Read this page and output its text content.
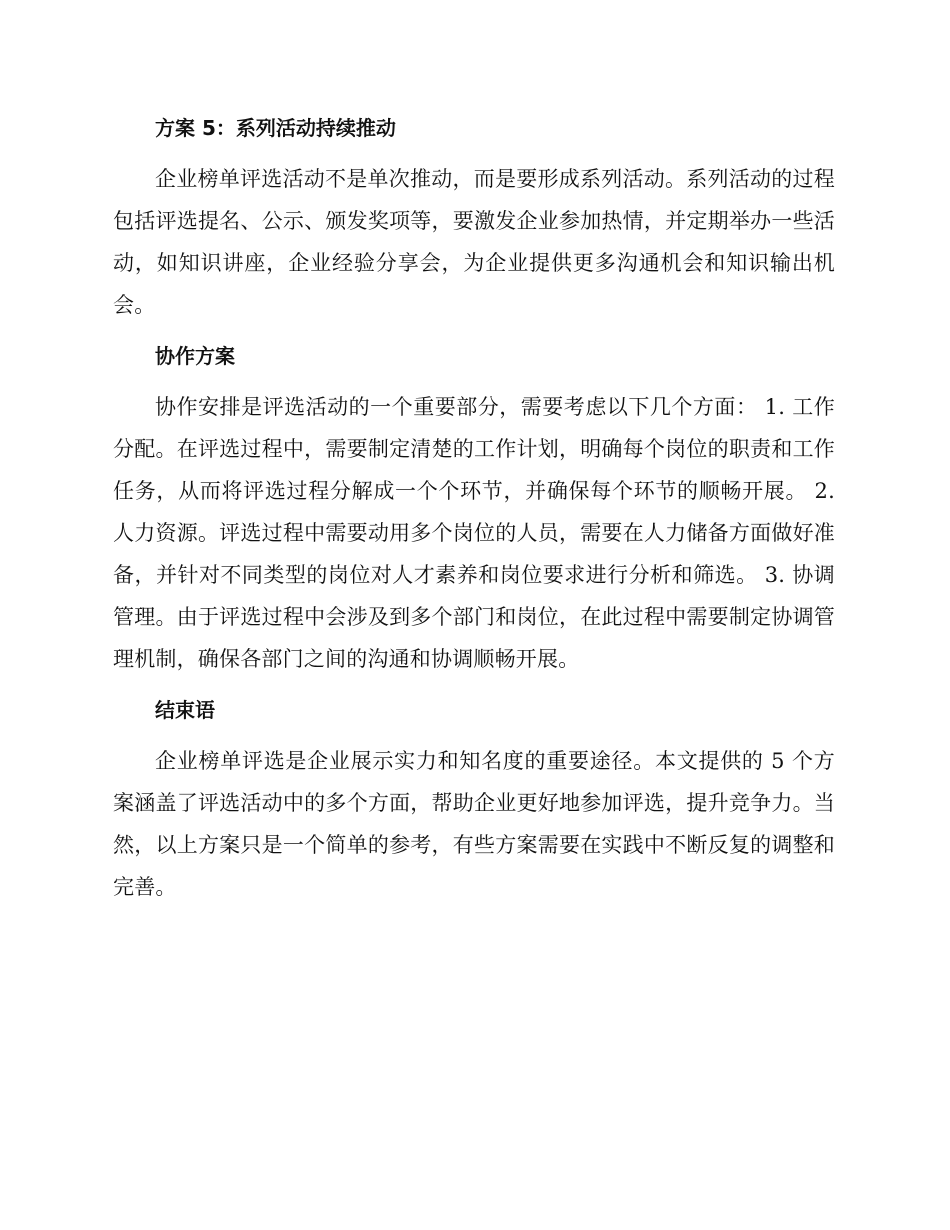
方案 5：系列活动持续推动

企业榜单评选活动不是单次推动，而是要形成系列活动。系列活动的过程包括评选提名、公示、颁发奖项等，要激发企业参加热情，并定期举办一些活动，如知识讲座，企业经验分享会，为企业提供更多沟通机会和知识输出机会。

协作方案

协作安排是评选活动的一个重要部分，需要考虑以下几个方面： 1. 工作分配。在评选过程中，需要制定清楚的工作计划，明确每个岗位的职责和工作任务，从而将评选过程分解成一个个环节，并确保每个环节的顺畅开展。 2. 人力资源。评选过程中需要动用多个岗位的人员，需要在人力储备方面做好准备，并针对不同类型的岗位对人才素养和岗位要求进行分析和筛选。 3. 协调管理。由于评选过程中会涉及到多个部门和岗位，在此过程中需要制定协调管理机制，确保各部门之间的沟通和协调顺畅开展。

结束语

企业榜单评选是企业展示实力和知名度的重要途径。本文提供的 5 个方案涵盖了评选活动中的多个方面，帮助企业更好地参加评选，提升竞争力。当然，以上方案只是一个简单的参考，有些方案需要在实践中不断反复的调整和完善。
